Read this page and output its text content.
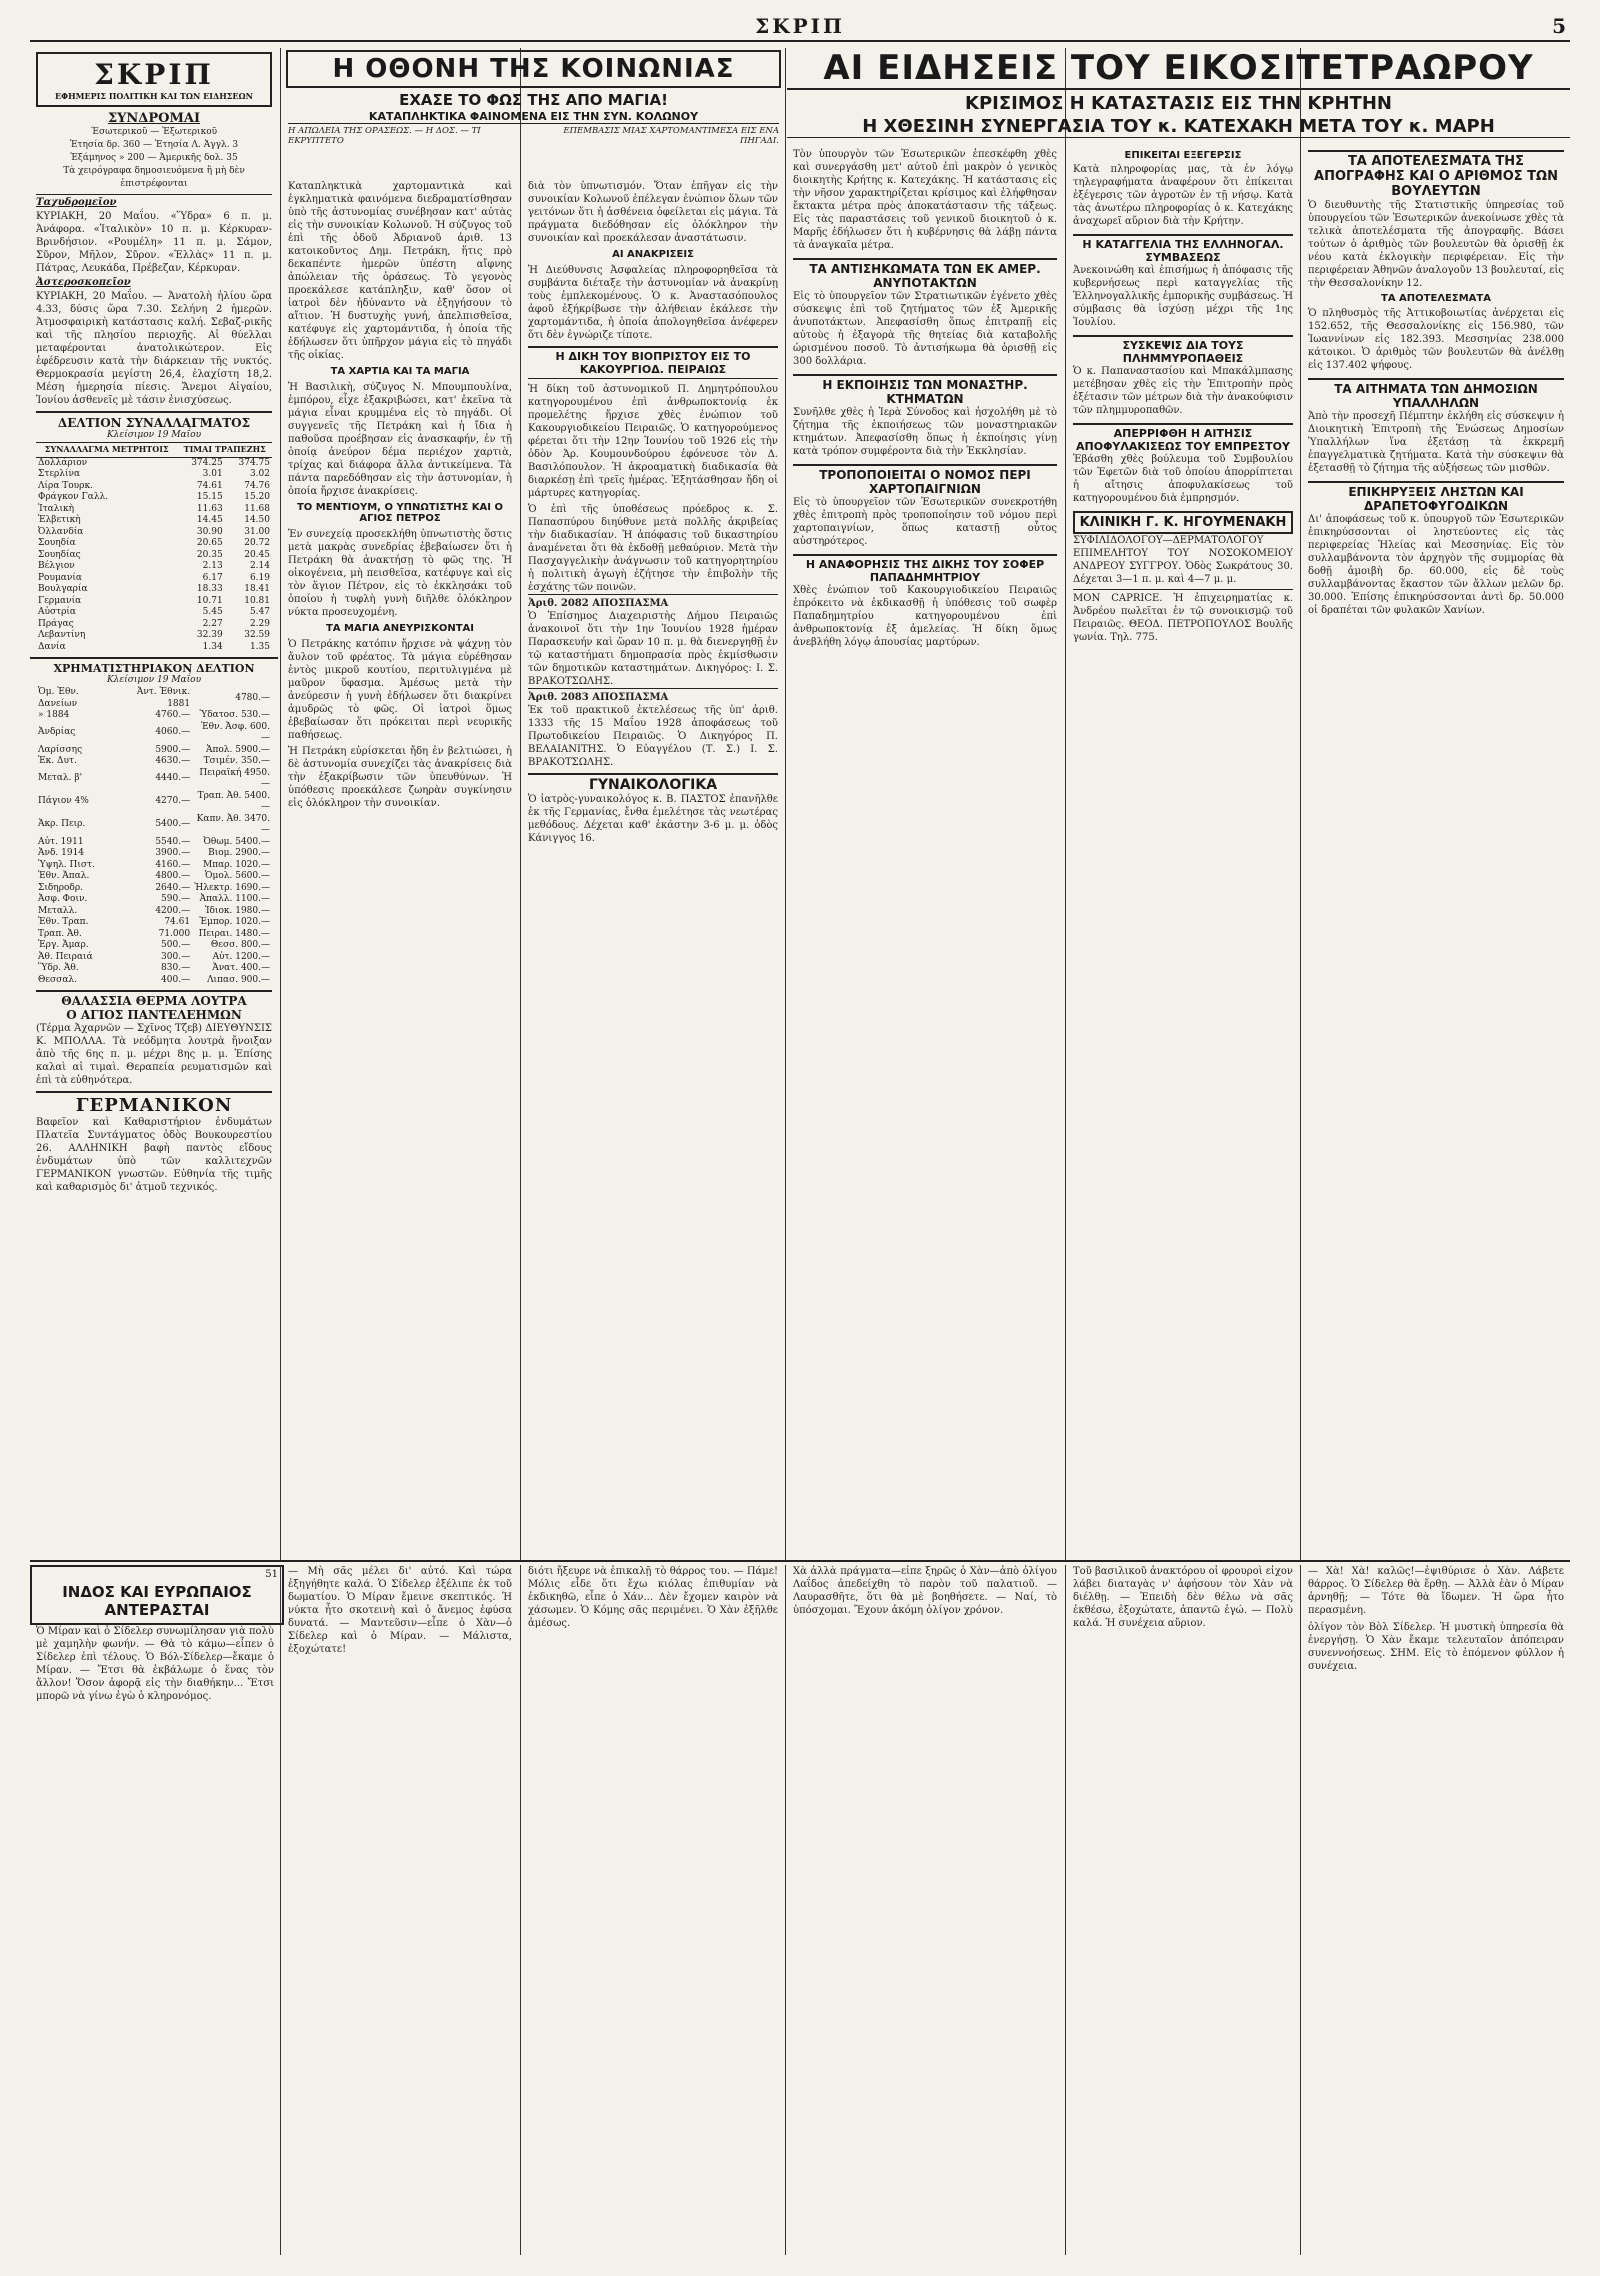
ΣΚΡΙΠ	5
ΣΚΡΙΠ
ΕΦΗΜΕΡΙΣ ΠΟΛΙΤΙΚΗ ΚΑΙ ΤΩΝ ΕΙΔΗΣΕΩΝ
ΣΥΝΔΡΟΜΑΙ
Έσωτερικοῦ — Ἐξωτερικοῦ
Ἐτησία δρ. 360 — Ἐτησία Λ. Ἀγγλ. 3
Ἑξάμηνος » 200 — Ἀμερικῆς δολ. 35
Τὰ χειρόγραφα δημοσιευόμενα ἢ μὴ δὲν ἐπιστρέφονται
Ταχυδρομεῖον
ΚΥΡΙΑΚΗ, 20 Μαΐου. «Ὕδρα» 6 π. μ. Ἀνάφορα. «Ἰταλικὸν» 10 π. μ. Κέρκυραν-Βρινδήσιον. «Ρουμέλη» 11 π. μ. Σάμον, Σῦρον, Μῆλον, Σῦρον. «Ἑλλὰς» 11 π. μ. Πάτρας, Λευκάδα, Πρέβεζαν, Κέρκυραν.
Ἀστεροσκοπεῖον
ΚΥΡΙΑΚΗ, 20 Μαΐου. — Ἀνατολὴ ἡλίου ὥρα 4.33, δύσις ὥρα 7.30. Σελήνη 2 ἡμερῶν. Ἀτμοσφαιρικὴ κατάστασις καλή. Σεβαζ-ρικῆς καὶ τῆς πλησίου περιοχῆς. Αἱ θύελλαι μεταφέρονται ἀνατολικώτερον. Εἰς ἐφέδρευσιν κατὰ τὴν διάρκειαν τῆς νυκτός. Θερμοκρασία μεγίστη 26,4, ἐλαχίστη 18,2. Μέση ἡμερησία πίεσις. Ἄνεμοι Αἰγαίου, Ἰονίου ἀσθενεῖς μὲ τάσιν ἐνισχύσεως.
ΔΕΛΤΙΟΝ ΣΥΝΑΛΛΑΓΜΑΤΟΣ
Κλείσιμον 19 Μαΐου
ΣΥΝΑΛΛΑΓΜΑ ΜΕΤΡΗΤΟΙΣ	ΤΙΜΑΙ ΤΡΑΠΕΖΗΣ	
Δολλάριον	374.25	374.75
Στερλίνα	3.01	3.02
Λίρα Τουρκ.	74.61	74.76
Φράγκον Γαλλ.	15.15	15.20
Ἰταλικὴ	11.63	11.68
Ἑλβετικὴ	14.45	14.50
Ὀλλανδία	30.90	31.00
Σουηδία	20.65	20.72
Σουηδίας	20.35	20.45
Βέλγιον	2.13	2.14
Ρουμανία	6.17	6.19
Βουλγαρία	18.33	18.41
Γερμανία	10.71	10.81
Αὐστρία	5.45	5.47
Πράγας	2.27	2.29
Λεβαντίνη	32.39	32.59
Δανία	1.34	1.35
ΧΡΗΜΑΤΙΣΤΗΡΙΑΚΟΝ ΔΕΛΤΙΟΝ
Κλείσιμον 19 Μαΐου
Ὁμ. Ἐθν. Δανείων	Ἀντ. Ἐθνικ. 1881	4780.—
» 1884	4760.—	Ὑδατοσ. 530.—
Ἀνδρίας	4060.—	Ἐθν. Ἀσφ. 600.—
Λαρίσσης	5900.—	Ἁπολ. 5900.—
Ἐκ. Δυτ.	4630.—	Τσιμέν. 350.—
Μεταλ. β'	4440.—	Πειραϊκή 4950.—
Πάγιον 4%	4270.—	Τραπ. Ἀθ. 5400.—
Ἀκρ. Πειρ.	5400.—	Καπν. Ἀθ. 3470.—
Αὐτ. 1911	5540.—	Ὀθωμ. 5400.—
Ἀνδ. 1914	3900.—	Βιομ. 2900.—
Ὑψηλ. Πιστ.	4160.—	Μπαρ. 1020.—
Ἐθν. Ἀπαλ.	4800.—	Ὁμολ. 5600.—
Σιδηροδρ.	2640.—	Ἠλεκτρ. 1690.—
Ἀσφ. Φοιν.	590.—	Ἀπαλλ. 1100.—
Μεταλλ.	4200.—	Ἰδιοκ. 1980.—
Ἐθν. Τραπ.	74.61	Ἐμπορ. 1020.—
Τραπ. Ἀθ.	71.000	Πειραι. 1480.—
Ἐργ. Ἀμαρ.	500.—	Θεσσ. 800.—
Ἀθ. Πειραιά	300.—	Αὐτ. 1200.—
Ὕδρ. Ἀθ.	830.—	Ἀνατ. 400.—
Θεσσαλ.	400.—	Λιπασ. 900.—
ΘΑΛΑΣΣΙΑ ΘΕΡΜΑ ΛΟΥΤΡΑ
Ο ΑΓΙΟΣ ΠΑΝΤΕΛΕΗΜΩΝ
(Τέρμα Ἀχαρνῶν — Σχῖνος Τζεβ) ΔΙΕΥΘΥΝΣΙΣ Κ. ΜΠΟΛΛΑ. Τὰ νεόδμητα λουτρὰ ἤνοιξαν ἀπὸ τῆς 6ης π. μ. μέχρι 8ης μ. μ. Ἐπίσης καλαὶ αἱ τιμαὶ. Θεραπεία ρευματισμῶν καὶ ἐπὶ τὰ εὐθηνότερα.
ΓΕΡΜΑΝΙΚΟΝ
Βαφεῖον καὶ Καθαριστήριον ἐνδυμάτων Πλατεῖα Συντάγματος ὁδὸς Βουκουρεστίου 26. ΑΛΛΗΝΙΚΗ βαφὴ παντὸς εἴδους ἐνδυμάτων ὑπὸ τῶν καλλιτεχνῶν ΓΕΡΜΑΝΙΚΟΝ γνωστῶν. Εὐθηνία τῆς τιμῆς καὶ καθαρισμὸς δι' ἀτμοῦ τεχνικός.
Η ΟΘΟΝΗ ΤΗΣ ΚΟΙΝΩΝΙΑΣ
ΕΧΑΣΕ ΤΟ ΦΩΣ ΤΗΣ ΑΠΟ ΜΑΓΙΑ!
ΚΑΤΑΠΛΗΚΤΙΚΑ ΦΑΙΝΟΜΕΝΑ ΕΙΣ ΤΗΝ ΣΥΝ. ΚΟΛΩΝΟΥ
Η ΑΠΩΛΕΙΑ ΤΗΣ ΟΡΑΣΕΩΣ. — Η ΔΟΣ. — ΤΙ ΕΚΡΥΠΤΕΤΟ
ΕΠΕΜΒΑΣΙΣ ΜΙΑΣ ΧΑΡΤΟΜΑΝΤΙΜΕΣΑ ΕΙΣ ΕΝΑ ΠΗΓΑΔΙ.
Καταπληκτικὰ χαρτομαντικὰ καὶ ἐγκληματικὰ φαινόμενα διεδραματίσθησαν ὑπὸ τῆς ἀστυνομίας συνέβησαν κατ' αὐτὰς εἰς τὴν συνοικίαν Κολωνοῦ. Ἡ σύζυγος τοῦ ἐπὶ τῆς ὁδοῦ Ἀδριανοῦ ἀριθ. 13 κατοικοῦντος Δημ. Πετράκη, ἥτις πρὸ δεκαπέντε ἡμερῶν ὑπέστη αἴφνης ἀπώλειαν τῆς ὁράσεως. Τὸ γεγονὸς προεκάλεσε κατάπληξιν, καθ' ὅσον οἱ ἰατροὶ δὲν ἠδύναντο νὰ ἐξηγήσουν τὸ αἴτιον. Ἡ δυστυχὴς γυνή, ἀπελπισθεῖσα, κατέφυγε εἰς χαρτομάντιδα, ἡ ὁποία τῆς ἐδήλωσεν ὅτι ὑπῆρχον μάγια εἰς τὸ πηγάδι τῆς οἰκίας.
ΤΑ ΧΑΡΤΙΑ ΚΑΙ ΤΑ ΜΑΓΙΑ
Ἡ Βασιλικὴ, σύζυγος Ν. Μπουμπουλίνα, ἐμπόρου, εἶχε ἐξακριβώσει, κατ' ἐκεῖνα τὰ μάγια εἶναι κρυμμένα εἰς τὸ πηγάδι. Οἱ συγγενεῖς τῆς Πετράκη καὶ ἡ ἴδια ἡ παθοῦσα προέβησαν εἰς ἀνασκαφήν, ἐν τῇ ὁποίᾳ ἀνεύρον δέμα περιέχον χαρτιὰ, τρίχας καὶ διάφορα ἄλλα ἀντικείμενα. Τὰ πάντα παρεδόθησαν εἰς τὴν ἀστυνομίαν, ἡ ὁποία ἤρχισε ἀνακρίσεις.
ΤΟ ΜΕΝΤΙΟΥΜ, Ο ΥΠΝΩΤΙΣΤΗΣ ΚΑΙ Ο ΑΓΙΟΣ ΠΕΤΡΟΣ
Ἐν συνεχείᾳ προσεκλήθη ὑπνωτιστὴς ὅστις μετὰ μακρὰς συνεδρίας ἐβεβαίωσεν ὅτι ἡ Πετράκη θὰ ἀνακτήσῃ τὸ φῶς της. Ἡ οἰκογένεια, μὴ πεισθεῖσα, κατέφυγε καὶ εἰς τὸν ἅγιον Πέτρον, εἰς τὸ ἐκκλησάκι τοῦ ὁποίου ἡ τυφλὴ γυνὴ διῆλθε ὁλόκληρον νύκτα προσευχομένη.
ΤΑ ΜΑΓΙΑ ΑΝΕΥΡΙΣΚΟΝΤΑΙ
Ὁ Πετράκης κατόπιν ἤρχισε νὰ ψάχνῃ τὸν ἄυλον τοῦ φρέατος. Τὰ μάγια εὑρέθησαν ἐντὸς μικροῦ κουτίου, περιτυλιγμένα μὲ μαῦρον ὕφασμα. Ἀμέσως μετὰ τὴν ἀνεύρεσιν ἡ γυνὴ ἐδήλωσεν ὅτι διακρίνει ἀμυδρῶς τὸ φῶς. Οἱ ἰατροὶ ὅμως ἐβεβαίωσαν ὅτι πρόκειται περὶ νευρικῆς παθήσεως.
Ἡ Πετράκη εὐρίσκεται ἤδη ἐν βελτιώσει, ἡ δὲ ἀστυνομία συνεχίζει τὰς ἀνακρίσεις διὰ τὴν ἐξακρίβωσιν τῶν ὑπευθύνων. Ἡ ὑπόθεσις προεκάλεσε ζωηρὰν συγκίνησιν εἰς ὁλόκληρον τὴν συνοικίαν.
διὰ τὸν ὑπνωτισμόν. Ὅταν ἐπῆγαν εἰς τὴν συνοικίαν Κολωνοῦ ἐπέλεγαν ἐνώπιον ὅλων τῶν γειτόνων ὅτι ἡ ἀσθένεια ὀφείλεται εἰς μάγια. Τὰ πράγματα διεδόθησαν εἰς ὁλόκληρον τὴν συνοικίαν καὶ προεκάλεσαν ἀναστάτωσιν.
ΑΙ ΑΝΑΚΡΙΣΕΙΣ
Ἡ Διεύθυνσις Ἀσφαλείας πληροφορηθεῖσα τὰ συμβάντα διέταξε τὴν ἀστυνομίαν νὰ ἀνακρίνῃ τοὺς ἐμπλεκομένους. Ὁ κ. Ἀναστασόπουλος ἀφοῦ ἐξήκρίβωσε τὴν ἀλήθειαν ἐκάλεσε τὴν χαρτομάντιδα, ἡ ὁποία ἀπολογηθεῖσα ἀνέφερεν ὅτι δὲν ἐγνώριζε τίποτε.
Η ΔΙΚΗ ΤΟΥ ΒΙΟΠΡΙΣΤΟΥ ΕΙΣ ΤΟ ΚΑΚΟΥΡΓΙΟΔ. ΠΕΙΡΑΙΩΣ
Ἡ δίκη τοῦ ἀστυνομικοῦ Π. Δημητρόπουλου κατηγορουμένου ἐπὶ ἀνθρωποκτονίᾳ ἐκ προμελέτης ἤρχισε χθὲς ἐνώπιον τοῦ Κακουργιοδικείου Πειραιῶς. Ὁ κατηγορούμενος φέρεται ὅτι τὴν 12ην Ἰουνίου τοῦ 1926 εἰς τὴν ὁδὸν Ἀρ. Κουμουνδούρου ἐφόνευσε τὸν Δ. Βασιλόπουλον. Ἡ ἀκροαματικὴ διαδικασία θὰ διαρκέσῃ ἐπὶ τρεῖς ἡμέρας. Ἐξητάσθησαν ἤδη οἱ μάρτυρες κατηγορίας.
Ὁ ἐπὶ τῆς ὑποθέσεως πρόεδρος κ. Σ. Παπασπύρου διηύθυνε μετὰ πολλῆς ἀκριβείας τὴν διαδικασίαν. Ἡ ἀπόφασις τοῦ δικαστηρίου ἀναμένεται ὅτι θὰ ἐκδοθῇ μεθαύριον. Μετὰ τὴν Πασχαγγελικὴν ἀνάγνωσιν τοῦ κατηγορητηρίου ἡ πολιτικὴ ἀγωγὴ ἐζήτησε τὴν ἐπιβολὴν τῆς ἐσχάτης τῶν ποινῶν.
Ἀριθ. 2082 ΑΠΟΣΠΑΣΜΑ
Ὁ Ἐπίσημος Διαχειριστὴς Δήμου Πειραιῶς ἀνακοινοῖ ὅτι τὴν 1ην Ἰουνίου 1928 ἡμέραν Παρασκευήν καὶ ὥραν 10 π. μ. θὰ διενεργηθῇ ἐν τῷ καταστήματι δημοπρασία πρὸς ἐκμίσθωσιν τῶν δημοτικῶν καταστημάτων. Δικηγόρος: Ι. Σ. ΒΡΑΚΟΤΣΩΛΗΣ.
Ἀριθ. 2083 ΑΠΟΣΠΑΣΜΑ
Ἐκ τοῦ πρακτικοῦ ἐκτελέσεως τῆς ὑπ' ἀριθ. 1333 τῆς 15 Μαΐου 1928 ἀποφάσεως τοῦ Πρωτοδικείου Πειραιῶς. Ὁ Δικηγόρος Π. ΒΕΛΑΙΑΝΙΤΗΣ. Ὁ Εὐαγγέλου (Τ. Σ.) Ι. Σ. ΒΡΑΚΟΤΣΩΛΗΣ.
ΓΥΝΑΙΚΟΛΟΓΙΚΑ
Ὁ ἰατρὸς-γυναικολόγος κ. Β. ΠΑΣΤΟΣ ἐπανῆλθε ἐκ τῆς Γερμανίας, ἔνθα ἐμελέτησε τὰς νεωτέρας μεθόδους. Δέχεται καθ' ἑκάστην 3-6 μ. μ. ὁδὸς Κάνιγγος 16.
ΑΙ ΕΙΔΗΣΕΙΣ ΤΟΥ ΕΙΚΟΣΙΤΕΤΡΑΩΡΟΥ
ΚΡΙΣΙΜΟΣ Η ΚΑΤΑΣΤΑΣΙΣ ΕΙΣ ΤΗΝ ΚΡΗΤΗΝ
Η ΧΘΕΣΙΝΗ ΣΥΝΕΡΓΑΣΙΑ ΤΟΥ κ. ΚΑΤΕΧΑΚΗ ΜΕΤΑ ΤΟΥ κ. ΜΑΡΗ
Τὸν ὑπουργὸν τῶν Ἐσωτερικῶν ἐπεσκέφθη χθὲς καὶ συνεργάσθη μετ' αὐτοῦ ἐπὶ μακρὸν ὁ γενικὸς διοικητὴς Κρήτης κ. Κατεχάκης. Ἡ κατάστασις εἰς τὴν νῆσον χαρακτηρίζεται κρίσιμος καὶ ἐλήφθησαν ἔκτακτα μέτρα πρὸς ἀποκατάστασιν τῆς τάξεως. Εἰς τὰς παραστάσεις τοῦ γενικοῦ διοικητοῦ ὁ κ. Μαρῆς ἐδήλωσεν ὅτι ἡ κυβέρνησις θὰ λάβῃ πάντα τὰ ἀναγκαῖα μέτρα.
ΤΑ ΑΝΤΙΣΗΚΩΜΑΤΑ ΤΩΝ ΕΚ ΑΜΕΡ. ΑΝΥΠΟΤΑΚΤΩΝ
Εἰς τὸ ὑπουργεῖον τῶν Στρατιωτικῶν ἐγένετο χθὲς σύσκεψις ἐπὶ τοῦ ζητήματος τῶν ἐξ Ἀμερικῆς ἀνυποτάκτων. Ἀπεφασίσθη ὅπως ἐπιτραπῇ εἰς αὐτοὺς ἡ ἐξαγορὰ τῆς θητείας διὰ καταβολῆς ὡρισμένου ποσοῦ. Τὸ ἀντισήκωμα θὰ ὁρισθῇ εἰς 300 δολλάρια.
Η ΕΚΠΟΙΗΣΙΣ ΤΩΝ ΜΟΝΑΣΤΗΡ. ΚΤΗΜΑΤΩΝ
Συνῆλθε χθὲς ἡ Ἱερὰ Σύνοδος καὶ ἠσχολήθη μὲ τὸ ζήτημα τῆς ἐκποιήσεως τῶν μοναστηριακῶν κτημάτων. Ἀπεφασίσθη ὅπως ἡ ἐκποίησις γίνῃ κατὰ τρόπον συμφέροντα διὰ τὴν Ἐκκλησίαν.
ΤΡΟΠΟΠΟΙΕΙΤΑΙ Ο ΝΟΜΟΣ ΠΕΡΙ ΧΑΡΤΟΠΑΙΓΝΙΩΝ
Εἰς τὸ ὑπουργεῖον τῶν Ἐσωτερικῶν συνεκροτήθη χθὲς ἐπιτροπὴ πρὸς τροποποίησιν τοῦ νόμου περὶ χαρτοπαιγνίων, ὅπως καταστῇ οὗτος αὐστηρότερος.
Η ΑΝΑΦΟΡΗΣΙΣ ΤΗΣ ΔΙΚΗΣ ΤΟΥ ΣΟΦΕΡ ΠΑΠΑΔΗΜΗΤΡΙΟΥ
Χθὲς ἐνώπιον τοῦ Κακουργιοδικείου Πειραιῶς ἐπρόκειτο νὰ ἐκδικασθῇ ἡ ὑπόθεσις τοῦ σωφὲρ Παπαδημητρίου κατηγορουμένου ἐπὶ ἀνθρωποκτονίᾳ ἐξ ἀμελείας. Ἡ δίκη ὅμως ἀνεβλήθη λόγῳ ἀπουσίας μαρτύρων.
ΕΠΙΚΕΙΤΑΙ ΕΞΕΓΕΡΣΙΣ
Κατὰ πληροφορίας μας, τὰ ἐν λόγῳ τηλεγραφήματα ἀναφέρουν ὅτι ἐπίκειται ἐξέγερσις τῶν ἀγροτῶν ἐν τῇ νήσῳ. Κατὰ τὰς ἀνωτέρω πληροφορίας ὁ κ. Κατεχάκης ἀναχωρεῖ αὔριον διὰ τὴν Κρήτην.
Η ΚΑΤΑΓΓΕΛΙΑ ΤΗΣ ΕΛΛΗΝΟΓΑΛ. ΣΥΜΒΑΣΕΩΣ
Ἀνεκοινώθη καὶ ἐπισήμως ἡ ἀπόφασις τῆς κυβερνήσεως περὶ καταγγελίας τῆς Ἑλληνογαλλικῆς ἐμπορικῆς συμβάσεως. Ἡ σύμβασις θὰ ἰσχύσῃ μέχρι τῆς 1ης Ἰουλίου.
ΣΥΣΚΕΨΙΣ ΔΙΑ ΤΟΥΣ ΠΛΗΜΜΥΡΟΠΑΘΕΙΣ
Ὁ κ. Παπαναστασίου καὶ Μπακάλμπασης μετέβησαν χθὲς εἰς τὴν Ἐπιτροπὴν πρὸς ἐξέτασιν τῶν μέτρων διὰ τὴν ἀνακούφισιν τῶν πλημμυροπαθῶν.
ΑΠΕΡΡΙΦΘΗ Η ΑΙΤΗΣΙΣ ΑΠΟΦΥΛΑΚΙΣΕΩΣ ΤΟΥ ΕΜΠΡΕΣΤΟΥ
Ἐβάσθη χθὲς βούλευμα τοῦ Συμβουλίου τῶν Ἐφετῶν διὰ τοῦ ὁποίου ἀπορρίπτεται ἡ αἴτησις ἀποφυλακίσεως τοῦ κατηγορουμένου διὰ ἐμπρησμόν.
ΚΛΙΝΙΚΗ Γ. Κ. ΗΓΟΥΜΕΝΑΚΗ
ΣΥΦΙΛΙΔΟΛΟΓΟΥ—ΔΕΡΜΑΤΟΛΟΓΟΥ ΕΠΙΜΕΛΗΤΟΥ ΤΟΥ ΝΟΣΟΚΟΜΕΙΟΥ ΑΝΔΡΕΟΥ ΣΥΓΓΡΟΥ. Ὁδὸς Σωκράτους 30. Δέχεται 3—1 π. μ. καὶ 4—7 μ. μ.
MON CAPRICE. Ἡ ἐπιχειρηματίας κ. Ἀνδρέου πωλεῖται ἐν τῷ συνοικισμῷ τοῦ Πειραιῶς. ΘΕΟΔ. ΠΕΤΡΟΠΟΥΛΟΣ Βουλῆς γωνία. Τηλ. 775.
ΤΑ ΑΠΟΤΕΛΕΣΜΑΤΑ ΤΗΣ ΑΠΟΓΡΑΦΗΣ ΚΑΙ Ο ΑΡΙΘΜΟΣ ΤΩΝ ΒΟΥΛΕΥΤΩΝ
Ὁ διευθυντὴς τῆς Στατιστικῆς ὑπηρεσίας τοῦ ὑπουργείου τῶν Ἐσωτερικῶν ἀνεκοίνωσε χθὲς τὰ τελικὰ ἀποτελέσματα τῆς ἀπογραφῆς. Βάσει τούτων ὁ ἀριθμὸς τῶν βουλευτῶν θὰ ὁρισθῇ ἐκ νέου κατὰ ἐκλογικὴν περιφέρειαν. Εἰς τὴν περιφέρειαν Ἀθηνῶν ἀναλογοῦν 13 βουλευταί, εἰς τὴν Θεσσαλονίκην 12.
ΤΑ ΑΠΟΤΕΛΕΣΜΑΤΑ
Ὁ πληθυσμὸς τῆς Ἀττικοβοιωτίας ἀνέρχεται εἰς 152.652, τῆς Θεσσαλονίκης εἰς 156.980, τῶν Ἰωαννίνων εἰς 182.393. Μεσσηνίας 238.000 κάτοικοι. Ὁ ἀριθμὸς τῶν βουλευτῶν θὰ ἀνέλθῃ εἰς 137.402 ψήφους.
ΤΑ ΑΙΤΗΜΑΤΑ ΤΩΝ ΔΗΜΟΣΙΩΝ ΥΠΑΛΛΗΛΩΝ
Ἀπὸ τὴν προσεχῆ Πέμπτην ἐκλήθη εἰς σύσκεψιν ἡ Διοικητικὴ Ἐπιτροπὴ τῆς Ἐνώσεως Δημοσίων Ὑπαλλήλων ἵνα ἐξετάσῃ τὰ ἐκκρεμῆ ἐπαγγελματικὰ ζητήματα. Κατὰ τὴν σύσκεψιν θὰ ἐξετασθῇ τὸ ζήτημα τῆς αὐξήσεως τῶν μισθῶν.
ΕΠΙΚΗΡΥΞΕΙΣ ΛΗΣΤΩΝ ΚΑΙ ΔΡΑΠΕΤΟΦΥΓΟΔΙΚΩΝ
Δι' ἀποφάσεως τοῦ κ. ὑπουργοῦ τῶν Ἐσωτερικῶν ἐπικηρύσσονται οἱ ληστεύοντες εἰς τὰς περιφερείας Ἠλείας καὶ Μεσσηνίας. Εἰς τὸν συλλαμβάνοντα τὸν ἀρχηγὸν τῆς συμμορίας θὰ δοθῇ ἀμοιβὴ δρ. 60.000, εἰς δὲ τοὺς συλλαμβάνοντας ἕκαστον τῶν ἄλλων μελῶν δρ. 30.000. Ἐπίσης ἐπικηρύσσονται ἀντὶ δρ. 50.000 οἱ δραπέται τῶν φυλακῶν Χανίων.
ΙΝΔΟΣ ΚΑΙ ΕΥΡΩΠΑΙΟΣ ΑΝΤΕΡΑΣΤΑΙ
51
Ὁ Μίραν καὶ ὁ Σίδελερ συνωμίλησαν γιὰ πολὺ μὲ χαμηλὴν φωνήν. — Θὰ τὸ κάμω—εἶπεν ὁ Σίδελερ ἐπὶ τέλους. Ὁ Βόλ-Σίδελερ—ἔκαμε ὁ Μίραν. — Ἔτσι θὰ ἐκβάλωμε ὁ ἕνας τὸν ἄλλον! Ὅσον ἀφορᾷ εἰς τὴν διαθήκην... Ἔτσι μπορῶ νὰ γίνω ἐγὼ ὁ κληρονόμος.
— Μὴ σᾶς μέλει δι' αὐτό. Καὶ τώρα ἐξηγήθητε καλά. Ὁ Σίδελερ ἐξέλιπε ἐκ τοῦ δωματίου. Ὁ Μίραν ἔμεινε σκεπτικός. Ἡ νύκτα ἦτο σκοτεινὴ καὶ ὁ ἄνεμος ἐφύσα δυνατά. — Μαντεῦσιν—εἶπε ὁ Χὰν—ὁ Σίδελερ καὶ ὁ Μίραν. — Μάλιστα, ἐξοχώτατε!
διότι ἤξευρε νὰ ἐπικαλῇ τὸ θάρρος του. — Πάμε! Μόλις εἶδε ὅτι ἔχω κιόλας ἐπιθυμίαν νὰ ἐκδικηθῶ, εἶπε ὁ Χάν... Δὲν ἔχομεν καιρὸν νὰ χάσωμεν. Ὁ Κόμης σᾶς περιμένει. Ὁ Χὰν ἐξῆλθε ἀμέσως.
Χὰ ἀλλὰ πράγματα—εἶπε ξηρῶς ὁ Χὰν—ἀπὸ ὀλίγου Λαΐδος ἀπεδείχθη τὸ παρὸν τοῦ παλατιοῦ. — Λαυρασθῆτε, ὅτι θὰ μὲ βοηθήσετε. — Ναί, τὸ ὑπόσχομαι. Ἔχουν ἀκόμη ὀλίγον χρόνον.
Τοῦ βασιλικοῦ ἀνακτόρου οἱ φρουροὶ εἶχον λάβει διαταγὰς ν' ἀφήσουν τὸν Χὰν νὰ διέλθῃ. — Ἐπειδὴ δὲν θέλω νὰ σᾶς ἐκθέσω, ἐξοχώτατε, ἀπαντῶ ἐγώ. — Πολὺ καλά. Ἡ συνέχεια αὔριον.
— Χὰ! Χὰ! καλῶς!—ἐψιθύρισε ὁ Χὰν. Λάβετε θάρρος. Ὁ Σίδελερ θὰ ἔρθῃ. — Ἀλλὰ ἐὰν ὁ Μίραν ἀρνηθῇ; — Τότε θὰ ἴδωμεν. Ἡ ὥρα ἦτο περασμένη.
ὀλίγον τὸν Βὸλ Σίδελερ. Ἡ μυστικὴ ὑπηρεσία θὰ ἐνεργήσῃ. Ὁ Χὰν ἔκαμε τελευταῖον ἀπόπειραν συνεννοήσεως. ΣΗΜ. Εἰς τὸ ἐπόμενον φύλλον ἡ συνέχεια.
